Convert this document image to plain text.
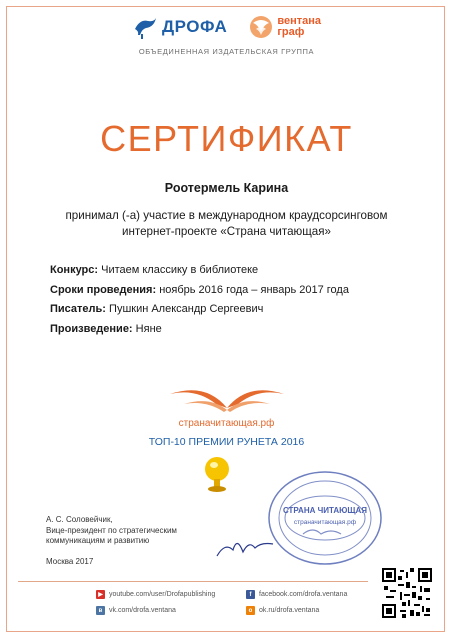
ДРОФА	вентана
граф
ОБЪЕДИНЕННАЯ ИЗДАТЕЛЬСКАЯ ГРУППА
СЕРТИФИКАТ
Роотермель Карина
принимал (-а) участие в международном краудсорсинговом
интернет-проекте «Страна читающая»
Конкурс: Читаем классику в библиотеке
Сроки проведения: ноябрь 2016 года – январь 2017 года
Писатель: Пушкин Александр Сергеевич
Произведение: Няне
страначитающая.рф
ТОП-10 ПРЕМИИ РУНЕТА 2016
СТРАНА ЧИТАЮЩАЯ
страначитающая.рф
А. С. Соловейчик,
Вице-президент по стратегическим
коммуникациям и развитию
Москва 2017
▶ youtube.com/user/Drofapublishing	f	facebook.com/drofa.ventana
в vk.com/drofa.ventana	о ok.ru/drofa.ventana
